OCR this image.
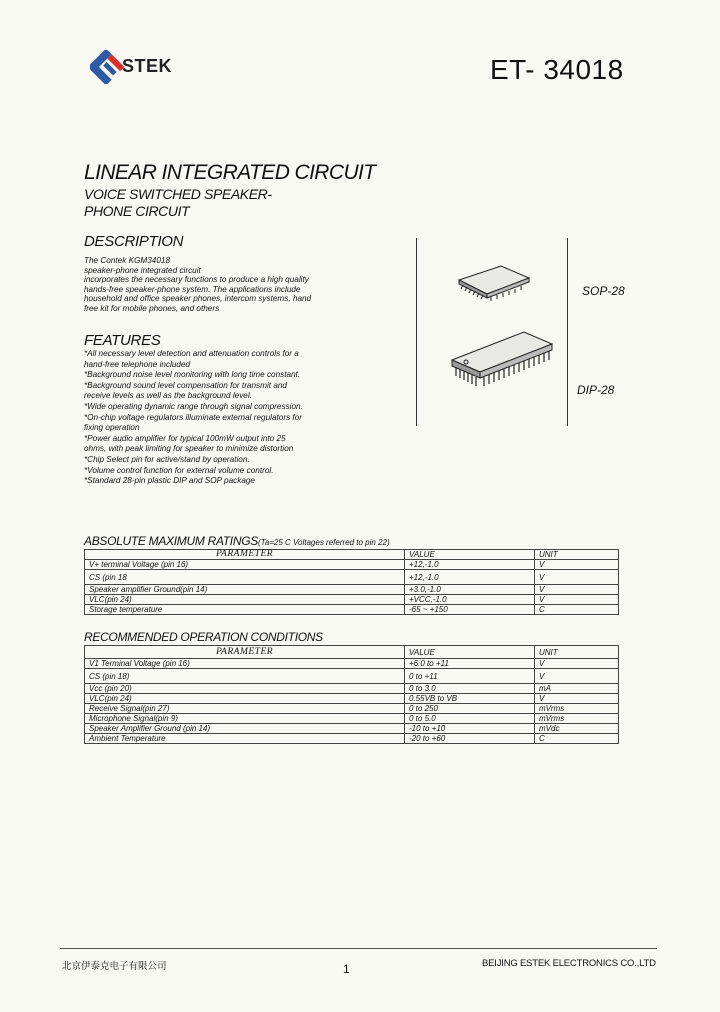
STEK	ET- 34018
LINEAR INTEGRATED CIRCUIT
VOICE SWITCHED SPEAKER-
PHONE CIRCUIT
DESCRIPTION
The Contek KGM34018
speaker-phone integrated circuit
incorporates the necessary functions to produce a high quality
hands-free speaker-phone system. The applications include
household and office speaker phones, intercom systems, hand
free kit for mobile phones, and others
FEATURES
*All necessary level detection and attenuation controls for a
hand-free telephone included
*Background noise level monitoring with long time constant.
*Background sound level compensation for transmit and
receive levels as well as the background level.
*Wide operating dynamic range through signal compression.
*On-chip voltage regulators illuminate external regulators for
fixing operation
*Power audio amplifier for typical 100mW output into 25
ohms, with peak limiting for speaker to minimize distortion
*Chip Select pin for active/stand by operation.
*Volume control function for external volume control.
*Standard 28-pin plastic DIP and SOP package
SOP-28
DIP-28
ABSOLUTE MAXIMUM RATINGS(Ta=25 C Voltages referred to pin 22)
PARAMETER	VALUE	UNIT
V+ terminal Voltage (pin 16)	+12,-1.0	V
CS (pin 18	+12,-1.0	V
Speaker amplifier Ground(pin 14)	+3.0,-1.0	V
VLC(pin 24)	+VCC,-1.0	V
Storage temperature	-65 ~ +150	C
RECOMMENDED OPERATION CONDITIONS
PARAMETER	VALUE	UNIT
V1 Terminal Voltage (pin 16)	+6.0 to +11	V
CS (pin 18)	0 to +11	V
Vcc (pin 20)	0 to 3.0	mA
VLC(pin 24)	0.55VB to VB	V
Receive Signal(pin 27)	0 to 250	mVrms
Microphone Signal(pin 9)	0 to 5.0	mVrms
Speaker Amplifier Ground (pin 14)	-10 to +10	mVdc
Ambient Temperature	-20 to +60	C
北京伊泰克电子有限公司	1	BEIJING ESTEK ELECTRONICS CO.,LTD
